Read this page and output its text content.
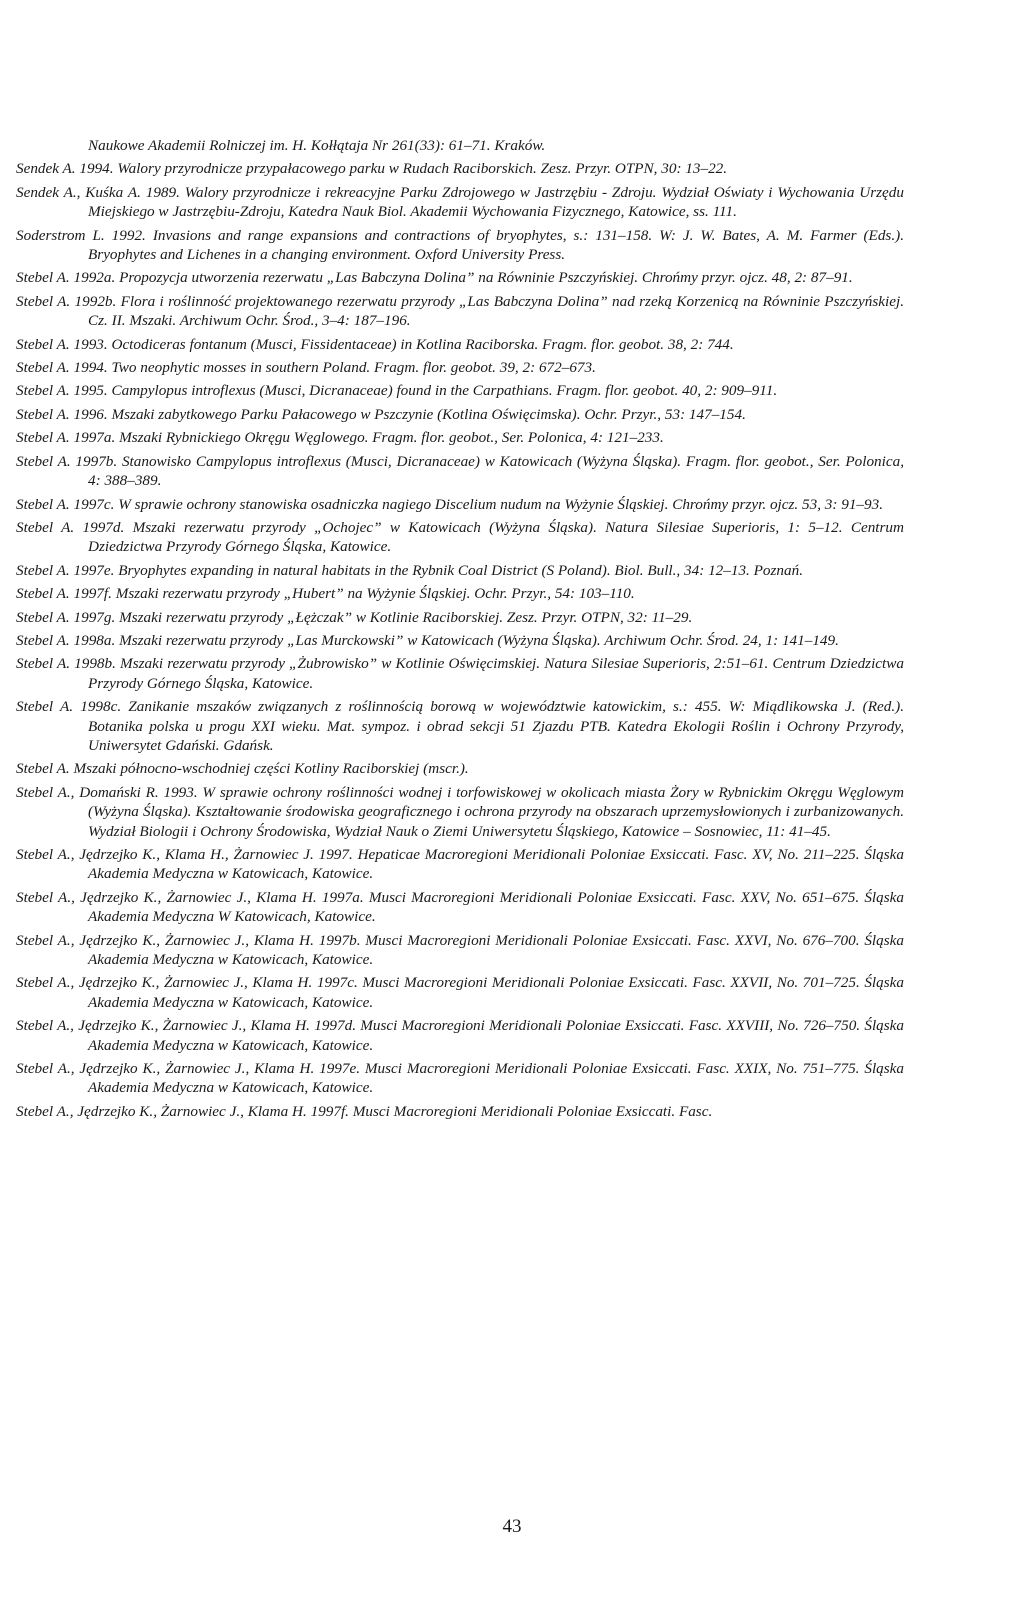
Naukowe Akademii Rolniczej im. H. Kołłątaja Nr 261(33): 61–71. Kraków.
Sendek A. 1994. Walory przyrodnicze przypałacowego parku w Rudach Raciborskich. Zesz. Przyr. OTPN, 30: 13–22.
Sendek A., Kuśka A. 1989. Walory przyrodnicze i rekreacyjne Parku Zdrojowego w Jastrzębiu - Zdroju. Wydział Oświaty i Wychowania Urzędu Miejskiego w Jastrzębiu-Zdroju, Katedra Nauk Biol. Akademii Wychowania Fizycznego, Katowice, ss. 111.
Soderstrom L. 1992. Invasions and range expansions and contractions of bryophytes, s.: 131–158. W: J. W. Bates, A. M. Farmer (Eds.). Bryophytes and Lichenes in a changing environment. Oxford University Press.
Stebel A. 1992a. Propozycja utworzenia rezerwatu „Las Babczyna Dolina” na Równinie Pszczyńskiej. Chrońmy przyr. ojcz. 48, 2: 87–91.
Stebel A. 1992b. Flora i roślinność projektowanego rezerwatu przyrody „Las Babczyna Dolina” nad rzeką Korzenicą na Równinie Pszczyńskiej. Cz. II. Mszaki. Archiwum Ochr. Środ., 3–4: 187–196.
Stebel A. 1993. Octodiceras fontanum (Musci, Fissidentaceae) in Kotlina Raciborska. Fragm. flor. geobot. 38, 2: 744.
Stebel A. 1994. Two neophytic mosses in southern Poland. Fragm. flor. geobot. 39, 2: 672–673.
Stebel A. 1995. Campylopus introflexus (Musci, Dicranaceae) found in the Carpathians. Fragm. flor. geobot. 40, 2: 909–911.
Stebel A. 1996. Mszaki zabytkowego Parku Pałacowego w Pszczynie (Kotlina Oświęcimska). Ochr. Przyr., 53: 147–154.
Stebel A. 1997a. Mszaki Rybnickiego Okręgu Węglowego. Fragm. flor. geobot., Ser. Polonica, 4: 121–233.
Stebel A. 1997b. Stanowisko Campylopus introflexus (Musci, Dicranaceae) w Katowicach (Wyżyna Śląska). Fragm. flor. geobot., Ser. Polonica, 4: 388–389.
Stebel A. 1997c. W sprawie ochrony stanowiska osadniczka nagiego Discelium nudum na Wyżynie Śląskiej. Chrońmy przyr. ojcz. 53, 3: 91–93.
Stebel A. 1997d. Mszaki rezerwatu przyrody „Ochojec” w Katowicach (Wyżyna Śląska). Natura Silesiae Superioris, 1: 5–12. Centrum Dziedzictwa Przyrody Górnego Śląska, Katowice.
Stebel A. 1997e. Bryophytes expanding in natural habitats in the Rybnik Coal District (S Poland). Biol. Bull., 34: 12–13. Poznań.
Stebel A. 1997f. Mszaki rezerwatu przyrody „Hubert” na Wyżynie Śląskiej. Ochr. Przyr., 54: 103–110.
Stebel A. 1997g. Mszaki rezerwatu przyrody „Łężczak” w Kotlinie Raciborskiej. Zesz. Przyr. OTPN, 32: 11–29.
Stebel A. 1998a. Mszaki rezerwatu przyrody „Las Murckowski” w Katowicach (Wyżyna Śląska). Archiwum Ochr. Środ. 24, 1: 141–149.
Stebel A. 1998b. Mszaki rezerwatu przyrody „Żubrowisko” w Kotlinie Oświęcimskiej. Natura Silesiae Superioris, 2:51–61. Centrum Dziedzictwa Przyrody Górnego Śląska, Katowice.
Stebel A. 1998c. Zanikanie mszaków związanych z roślinnością borową w województwie katowickim, s.: 455. W: Miądlikowska J. (Red.). Botanika polska u progu XXI wieku. Mat. sympoz. i obrad sekcji 51 Zjazdu PTB. Katedra Ekologii Roślin i Ochrony Przyrody, Uniwersytet Gdański. Gdańsk.
Stebel A. Mszaki północno-wschodniej części Kotliny Raciborskiej (mscr.).
Stebel A., Domański R. 1993. W sprawie ochrony roślinności wodnej i torfowiskowej w okolicach miasta Żory w Rybnickim Okręgu Węglowym (Wyżyna Śląska). Kształtowanie środowiska geograficznego i ochrona przyrody na obszarach uprzemysłowionych i zurbanizowanych. Wydział Biologii i Ochrony Środowiska, Wydział Nauk o Ziemi Uniwersytetu Śląskiego, Katowice – Sosnowiec, 11: 41–45.
Stebel A., Jędrzejko K., Klama H., Żarnowiec J. 1997. Hepaticae Macroregioni Meridionali Poloniae Exsiccati. Fasc. XV, No. 211–225. Śląska Akademia Medyczna w Katowicach, Katowice.
Stebel A., Jędrzejko K., Żarnowiec J., Klama H. 1997a. Musci Macroregioni Meridionali Poloniae Exsiccati. Fasc. XXV, No. 651–675. Śląska Akademia Medyczna W Katowicach, Katowice.
Stebel A., Jędrzejko K., Żarnowiec J., Klama H. 1997b. Musci Macroregioni Meridionali Poloniae Exsiccati. Fasc. XXVI, No. 676–700. Śląska Akademia Medyczna w Katowicach, Katowice.
Stebel A., Jędrzejko K., Żarnowiec J., Klama H. 1997c. Musci Macroregioni Meridionali Poloniae Exsiccati. Fasc. XXVII, No. 701–725. Śląska Akademia Medyczna w Katowicach, Katowice.
Stebel A., Jędrzejko K., Żarnowiec J., Klama H. 1997d. Musci Macroregioni Meridionali Poloniae Exsiccati. Fasc. XXVIII, No. 726–750. Śląska Akademia Medyczna w Katowicach, Katowice.
Stebel A., Jędrzejko K., Żarnowiec J., Klama H. 1997e. Musci Macroregioni Meridionali Poloniae Exsiccati. Fasc. XXIX, No. 751–775. Śląska Akademia Medyczna w Katowicach, Katowice.
Stebel A., Jędrzejko K., Żarnowiec J., Klama H. 1997f. Musci Macroregioni Meridionali Poloniae Exsiccati. Fasc.
43
